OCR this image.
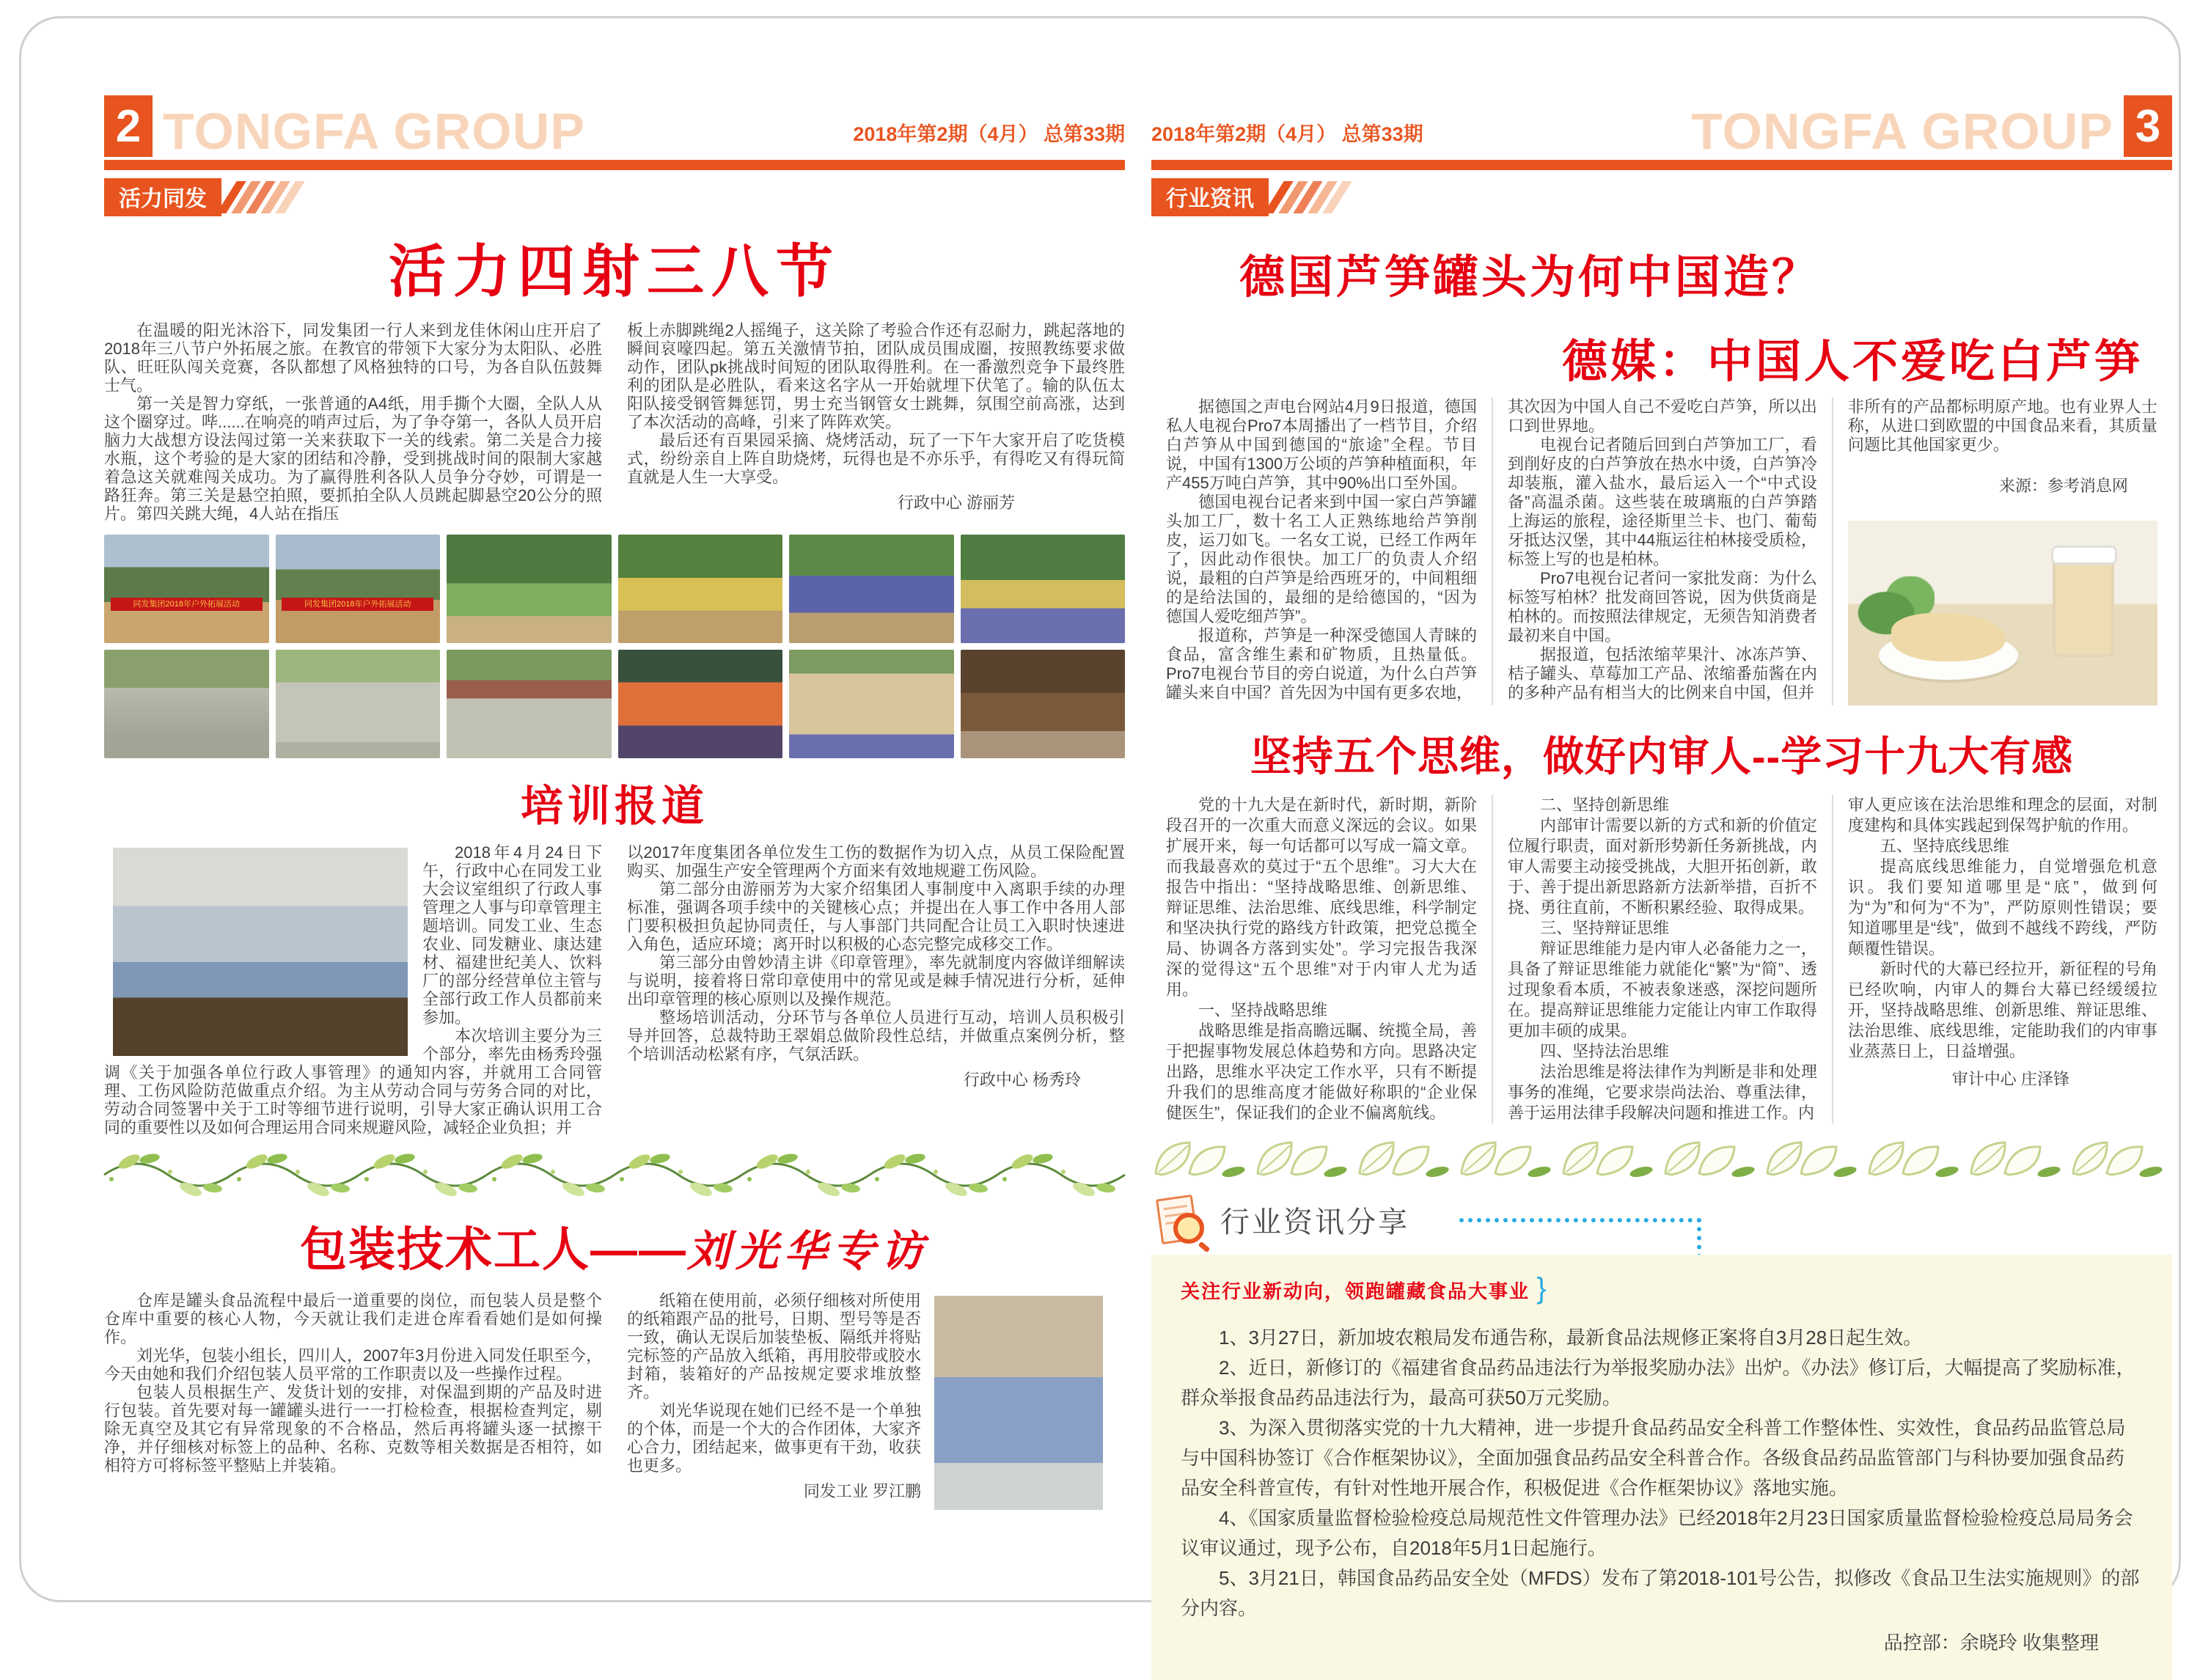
2 TONGFA GROUP	2018年第2期（4月） 总第33期
活力同发
活力四射三八节

在温暖的阳光沐浴下，同发集团一行人来到龙佳休闲山庄开启了2018年三八节户外拓展之旅。在教官的带领下大家分为太阳队、必胜队、旺旺队闯关竞赛，各队都想了风格独特的口号，为各自队伍鼓舞士气。

第一关是智力穿纸，一张普通的A4纸，用手撕个大圈，全队人从这个圈穿过。哔......在响亮的哨声过后，为了争夺第一，各队人员开启脑力大战想方设法闯过第一关来获取下一关的线索。第二关是合力接水瓶，这个考验的是大家的团结和冷静，受到挑战时间的限制大家越着急这关就难闯关成功。为了赢得胜利各队人员争分夺妙，可谓是一路狂奔。第三关是悬空拍照，要抓拍全队人员跳起脚悬空20公分的照片。第四关跳大绳，4人站在指压

板上赤脚跳绳2人摇绳子，这关除了考验合作还有忍耐力，跳起落地的瞬间哀嚎四起。第五关激情节拍，团队成员围成圈，按照教练要求做动作，团队pk挑战时间短的团队取得胜利。在一番激烈竞争下最终胜利的团队是必胜队，看来这名字从一开始就埋下伏笔了。输的队伍太阳队接受钢管舞惩罚，男士充当钢管女士跳舞，氛围空前高涨，达到了本次活动的高峰，引来了阵阵欢笑。

最后还有百果园采摘、烧烤活动，玩了一下午大家开启了吃货模式，纷纷亲自上阵自助烧烤，玩得也是不亦乐乎，有得吃又有得玩简直就是人生一大享受。

行政中心 游丽芳

同发集团2018年户外拓展活动	同发集团2018年户外拓展活动
培训报道

2018年4月24日下午，行政中心在同发工业大会议室组织了行政人事管理之人事与印章管理主题培训。同发工业、生态农业、同发糖业、康达建材、福建世纪美人、饮料厂的部分经营单位主管与全部行政工作人员都前来参加。

本次培训主要分为三个部分，率先由杨秀玲强调《关于加强各单位行政人事管理》的通知内容，并就用工合同管理、工伤风险防范做重点介绍。为主从劳动合同与劳务合同的对比，劳动合同签署中关于工时等细节进行说明，引导大家正确认识用工合同的重要性以及如何合理运用合同来规避风险，减轻企业负担；并

以2017年度集团各单位发生工伤的数据作为切入点，从员工保险配置购买、加强生产安全管理两个方面来有效地规避工伤风险。

第二部分由游丽芳为大家介绍集团人事制度中入离职手续的办理标准，强调各项手续中的关键核心点；并提出在人事工作中各用人部门要积极担负起协同责任，与人事部门共同配合让员工入职时快速进入角色，适应环境；离开时以积极的心态完整完成移交工作。

第三部分由曾妙清主讲《印章管理》，率先就制度内容做详细解读与说明，接着将日常印章使用中的常见或是棘手情况进行分析，延伸出印章管理的核心原则以及操作规范。

整场培训活动，分环节与各单位人员进行互动，培训人员积极引导并回答，总裁特助王翠娟总做阶段性总结，并做重点案例分析，整个培训活动松紧有序，气氛活跃。

行政中心 杨秀玲

包装技术工人——刘光华专访

仓库是罐头食品流程中最后一道重要的岗位，而包装人员是整个仓库中重要的核心人物，今天就让我们走进仓库看看她们是如何操作。

刘光华，包装小组长，四川人，2007年3月份进入同发任职至今，今天由她和我们介绍包装人员平常的工作职责以及一些操作过程。

包装人员根据生产、发货计划的安排，对保温到期的产品及时进行包装。首先要对每一罐罐头进行一一打检检查，根据检查判定，剔除无真空及其它有异常现象的不合格品，然后再将罐头逐一拭擦干净，并仔细核对标签上的品种、名称、克数等相关数据是否相符，如相符方可将标签平整贴上并装箱。

纸箱在使用前，必须仔细核对所使用的纸箱跟产品的批号，日期、型号等是否一致，确认无误后加装垫板、隔纸并将贴完标签的产品放入纸箱，再用胶带或胶水封箱，装箱好的产品按规定要求堆放整齐。

刘光华说现在她们已经不是一个单独的个体，而是一个大的合作团体，大家齐心合力，团结起来，做事更有干劲，收获也更多。

同发工业 罗江鹏

2018年第2期（4月） 总第33期	TONGFA GROUP 3
行业资讯
德国芦笋罐头为何中国造？
德媒：中国人不爱吃白芦笋

据德国之声电台网站4月9日报道，德国私人电视台Pro7本周播出了一档节目，介绍白芦笋从中国到德国的“旅途”全程。节目说，中国有1300万公顷的芦笋种植面积，年产455万吨白芦笋，其中90%出口至外国。

德国电视台记者来到中国一家白芦笋罐头加工厂，数十名工人正熟练地给芦笋削皮，运刀如飞。一名女工说，已经工作两年了，因此动作很快。加工厂的负责人介绍说，最粗的白芦笋是给西班牙的，中间粗细的是给法国的，最细的是给德国的，“因为德国人爱吃细芦笋”。

报道称，芦笋是一种深受德国人青睐的食品，富含维生素和矿物质，且热量低。Pro7电视台节目的旁白说道，为什么白芦笋罐头来自中国？首先因为中国有更多农地，

其次因为中国人自己不爱吃白芦笋，所以出口到世界地。

电视台记者随后回到白芦笋加工厂，看到削好皮的白芦笋放在热水中烫，白芦笋冷却装瓶，灌入盐水，最后运入一个“中式设备”高温杀菌。这些装在玻璃瓶的白芦笋踏上海运的旅程，途径斯里兰卡、也门、葡萄牙抵达汉堡，其中44瓶运往柏林接受质检，标签上写的也是柏林。

Pro7电视台记者问一家批发商：为什么标签写柏林？批发商回答说，因为供货商是柏林的。而按照法律规定，无须告知消费者最初来自中国。

据报道，包括浓缩苹果汁、冰冻芦笋、桔子罐头、草莓加工产品、浓缩番茄酱在内的多种产品有相当大的比例来自中国，但并

非所有的产品都标明原产地。也有业界人士称，从进口到欧盟的中国食品来看，其质量问题比其他国家更少。

来源：参考消息网

坚持五个思维，做好内审人--学习十九大有感

党的十九大是在新时代，新时期，新阶段召开的一次重大而意义深远的会议。如果扩展开来，每一句话都可以写成一篇文章。而我最喜欢的莫过于“五个思维”。习大大在报告中指出：“坚持战略思维、创新思维、辩证思维、法治思维、底线思维，科学制定和坚决执行党的路线方针政策，把党总揽全局、协调各方落到实处”。学习完报告我深深的觉得这“五个思维”对于内审人尤为适用。

一、坚持战略思维

战略思维是指高瞻远瞩、统揽全局，善于把握事物发展总体趋势和方向。思路决定出路，思维水平决定工作水平，只有不断提升我们的思维高度才能做好称职的“企业保健医生”，保证我们的企业不偏离航线。

二、坚持创新思维

内部审计需要以新的方式和新的价值定位履行职责，面对新形势新任务新挑战，内审人需要主动接受挑战，大胆开拓创新，敢于、善于提出新思路新方法新举措，百折不挠、勇往直前，不断积累经验、取得成果。

三、坚持辩证思维

辩证思维能力是内审人必备能力之一，具备了辩证思维能力就能化“繁”为“简”、透过现象看本质，不被表象迷惑，深挖问题所在。提高辩证思维能力定能让内审工作取得更加丰硕的成果。

四、坚持法治思维

法治思维是将法律作为判断是非和处理事务的准绳，它要求崇尚法治、尊重法律，善于运用法律手段解决问题和推进工作。内

审人更应该在法治思维和理念的层面，对制度建构和具体实践起到保驾护航的作用。

五、坚持底线思维

提高底线思维能力，自觉增强危机意识。我们要知道哪里是“底”，做到何为“为”和何为“不为”，严防原则性错误；要知道哪里是“线”，做到不越线不跨线，严防颠覆性错误。

新时代的大幕已经拉开，新征程的号角已经吹响，内审人的舞台大幕已经缓缓拉开，坚持战略思维、创新思维、辩证思维、法治思维、底线思维，定能助我们的内审事业蒸蒸日上，日益增强。

审计中心 庄泽锋

行业资讯分享

关注行业新动向，领跑罐藏食品大事业 }

1、3月27日，新加坡农粮局发布通告称，最新食品法规修正案将自3月28日起生效。

2、近日，新修订的《福建省食品药品违法行为举报奖励办法》出炉。《办法》修订后，大幅提高了奖励标准，群众举报食品药品违法行为，最高可获50万元奖励。

3、为深入贯彻落实党的十九大精神，进一步提升食品药品安全科普工作整体性、实效性，食品药品监管总局与中国科协签订《合作框架协议》，全面加强食品药品安全科普合作。各级食品药品监管部门与科协要加强食品药品安全科普宣传，有针对性地开展合作，积极促进《合作框架协议》落地实施。

4、《国家质量监督检验检疫总局规范性文件管理办法》已经2018年2月23日国家质量监督检验检疫总局局务会议审议通过，现予公布，自2018年5月1日起施行。

5、3月21日，韩国食品药品安全处（MFDS）发布了第2018-101号公告，拟修改《食品卫生法实施规则》的部分内容。

品控部：余晓玲 收集整理
